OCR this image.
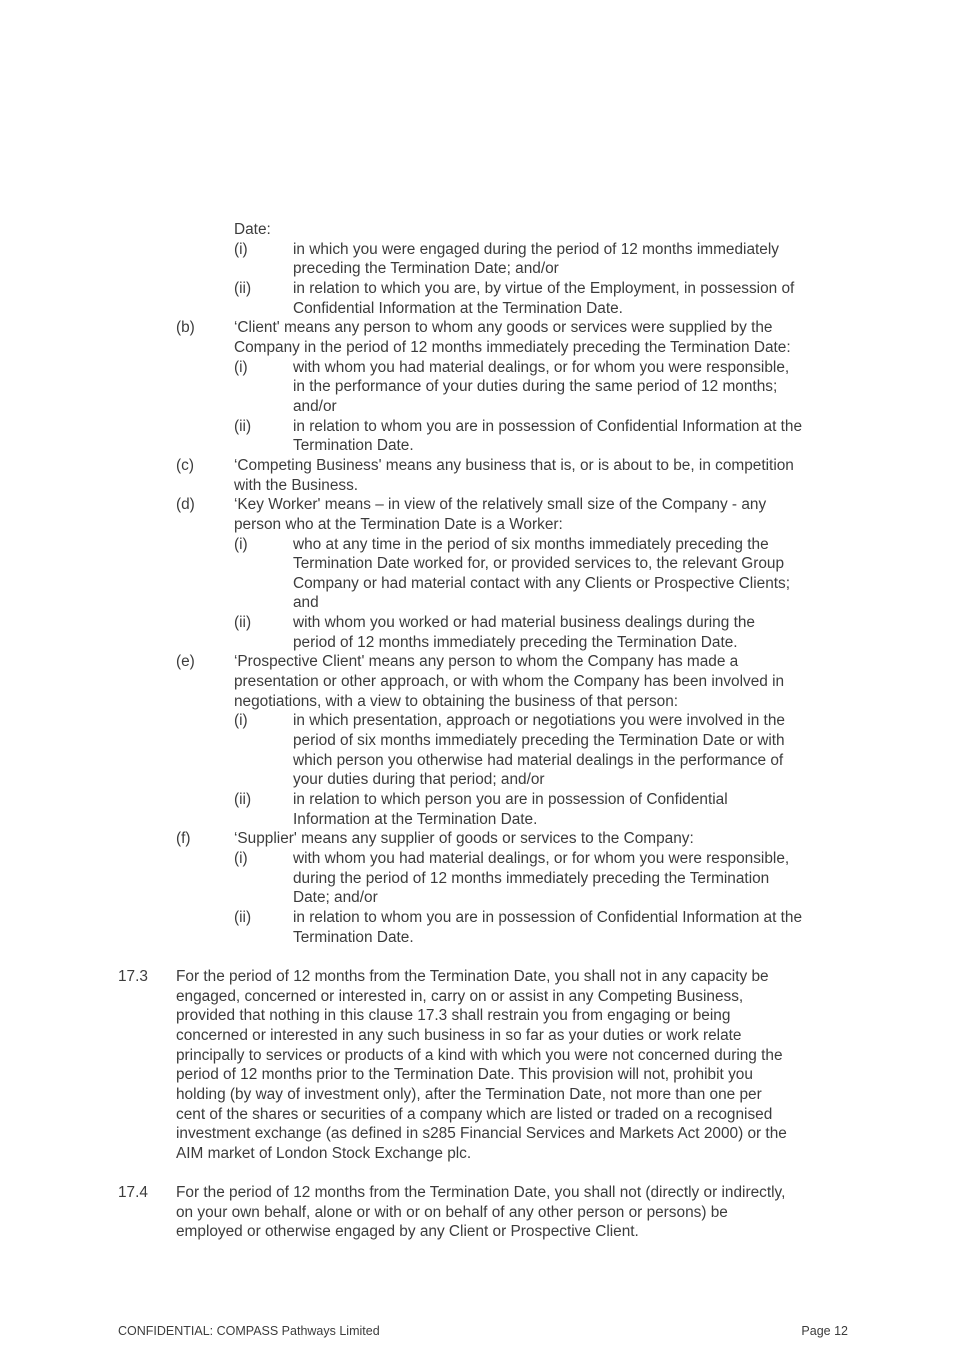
Date:
(i)	in which you were engaged during the period of 12 months immediately
preceding the Termination Date; and/or
(ii)	in relation to which you are, by virtue of the Employment, in possession of
Confidential Information at the Termination Date.
(b)	‘Client' means any person to whom any goods or services were supplied by the
Company in the period of 12 months immediately preceding the Termination Date:
(i)	with whom you had material dealings, or for whom you were responsible,
in the performance of your duties during the same period of 12 months;
and/or
(ii)	in relation to whom you are in possession of Confidential Information at the
Termination Date.
(c)	‘Competing Business' means any business that is, or is about to be, in competition
with the Business.
(d)	‘Key Worker' means – in view of the relatively small size of the Company - any
person who at the Termination Date is a Worker:
(i)	who at any time in the period of six months immediately preceding the
Termination Date worked for, or provided services to, the relevant Group
Company or had material contact with any Clients or Prospective Clients;
and
(ii)	with whom you worked or had material business dealings during the
period of 12 months immediately preceding the Termination Date.
(e)	‘Prospective Client' means any person to whom the Company has made a
presentation or other approach, or with whom the Company has been involved in
negotiations, with a view to obtaining the business of that person:
(i)	in which presentation, approach or negotiations you were involved in the
period of six months immediately preceding the Termination Date or with
which person you otherwise had material dealings in the performance of
your duties during that period; and/or
(ii)	in relation to which person you are in possession of Confidential
Information at the Termination Date.
(f)	‘Supplier' means any supplier of goods or services to the Company:
(i)	with whom you had material dealings, or for whom you were responsible,
during the period of 12 months immediately preceding the Termination
Date; and/or
(ii)	in relation to whom you are in possession of Confidential Information at the
Termination Date.
17.3 For the period of 12 months from the Termination Date, you shall not in any capacity be
engaged, concerned or interested in, carry on or assist in any Competing Business,
provided that nothing in this clause 17.3 shall restrain you from engaging or being
concerned or interested in any such business in so far as your duties or work relate
principally to services or products of a kind with which you were not concerned during the
period of 12 months prior to the Termination Date. This provision will not, prohibit you
holding (by way of investment only), after the Termination Date, not more than one per
cent of the shares or securities of a company which are listed or traded on a recognised
investment exchange (as defined in s285 Financial Services and Markets Act 2000) or the
AIM market of London Stock Exchange plc.
17.4 For the period of 12 months from the Termination Date, you shall not (directly or indirectly,
on your own behalf, alone or with or on behalf of any other person or persons) be
employed or otherwise engaged by any Client or Prospective Client.
CONFIDENTIAL: COMPASS Pathways Limited	Page 12
